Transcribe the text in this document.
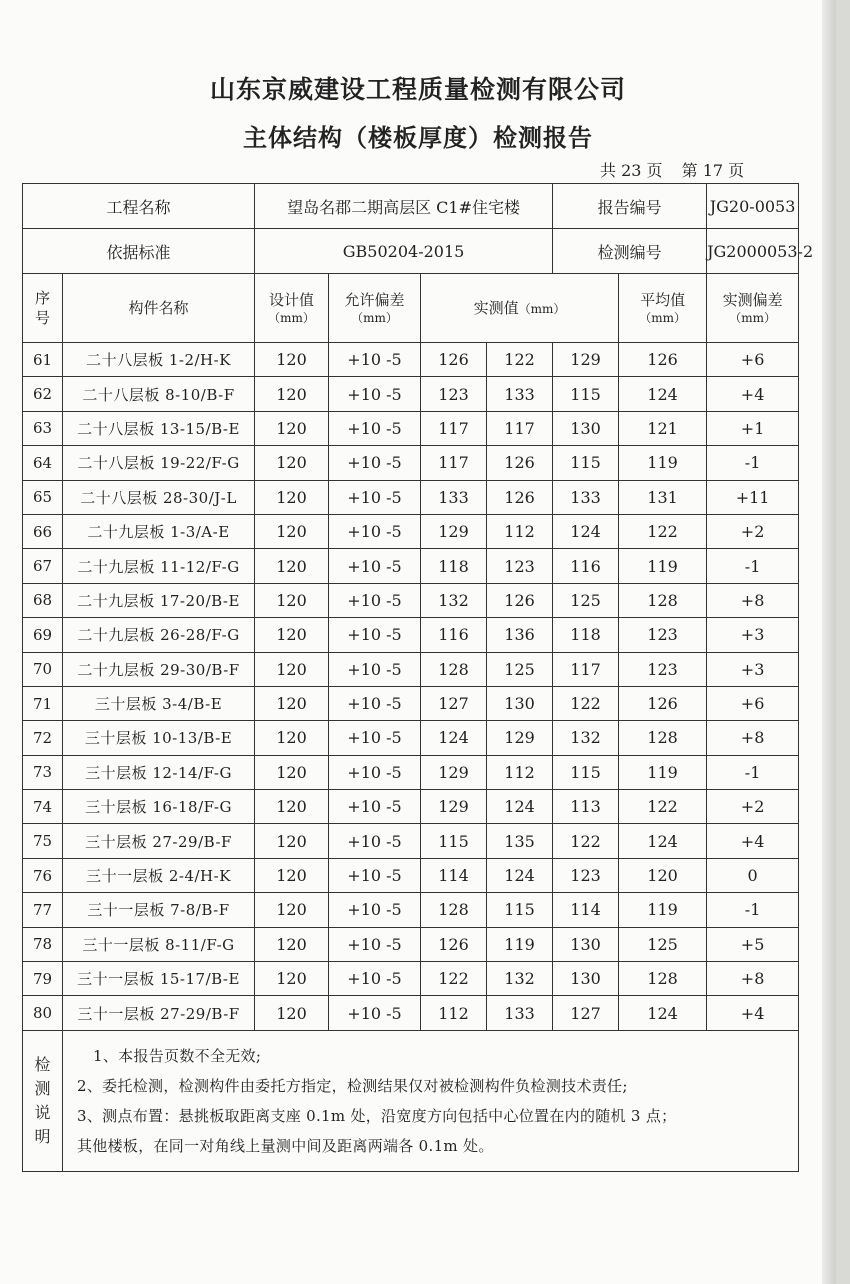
山东京威建设工程质量检测有限公司
主体结构（楼板厚度）检测报告
共 23 页 第 17 页
工程名称		望岛名郡二期高层区 C1#住宅楼				报告编号		JG20-0053
依据标准		GB50204-2015				检测编号		JG2000053-2
序号	构件名称	设计值
（mm）	允许偏差
（mm）	实测值（mm）			平均值
（mm）	实测偏差
（mm）

61	二十八层板 1-2/H-K	120	+10 -5	126	122	129	126	+6
62	二十八层板 8-10/B-F	120	+10 -5	123	133	115	124	+4
63	二十八层板 13-15/B-E	120	+10 -5	117	117	130	121	+1
64	二十八层板 19-22/F-G	120	+10 -5	117	126	115	119	-1
65	二十八层板 28-30/J-L	120	+10 -5	133	126	133	131	+11
66	二十九层板 1-3/A-E	120	+10 -5	129	112	124	122	+2
67	二十九层板 11-12/F-G	120	+10 -5	118	123	116	119	-1
68	二十九层板 17-20/B-E	120	+10 -5	132	126	125	128	+8
69	二十九层板 26-28/F-G	120	+10 -5	116	136	118	123	+3
70	二十九层板 29-30/B-F	120	+10 -5	128	125	117	123	+3
71	三十层板 3-4/B-E	120	+10 -5	127	130	122	126	+6
72	三十层板 10-13/B-E	120	+10 -5	124	129	132	128	+8
73	三十层板 12-14/F-G	120	+10 -5	129	112	115	119	-1
74	三十层板 16-18/F-G	120	+10 -5	129	124	113	122	+2
75	三十层板 27-29/B-F	120	+10 -5	115	135	122	124	+4
76	三十一层板 2-4/H-K	120	+10 -5	114	124	123	120	0
77	三十一层板 7-8/B-F	120	+10 -5	128	115	114	119	-1
78	三十一层板 8-11/F-G	120	+10 -5	126	119	130	125	+5
79	三十一层板 15-17/B-E	120	+10 -5	122	132	130	128	+8
80	三十一层板 27-29/B-F	120	+10 -5	112	133	127	124	+4
检测说明	1、本报告页数不全无效;
2、委托检测，检测构件由委托方指定，检测结果仅对被检测构件负检测技术责任;
3、测点布置：悬挑板取距离支座 0.1m 处，沿宽度方向包括中心位置在内的随机 3 点；
其他楼板，在同一对角线上量测中间及距离两端各 0.1m 处。							
